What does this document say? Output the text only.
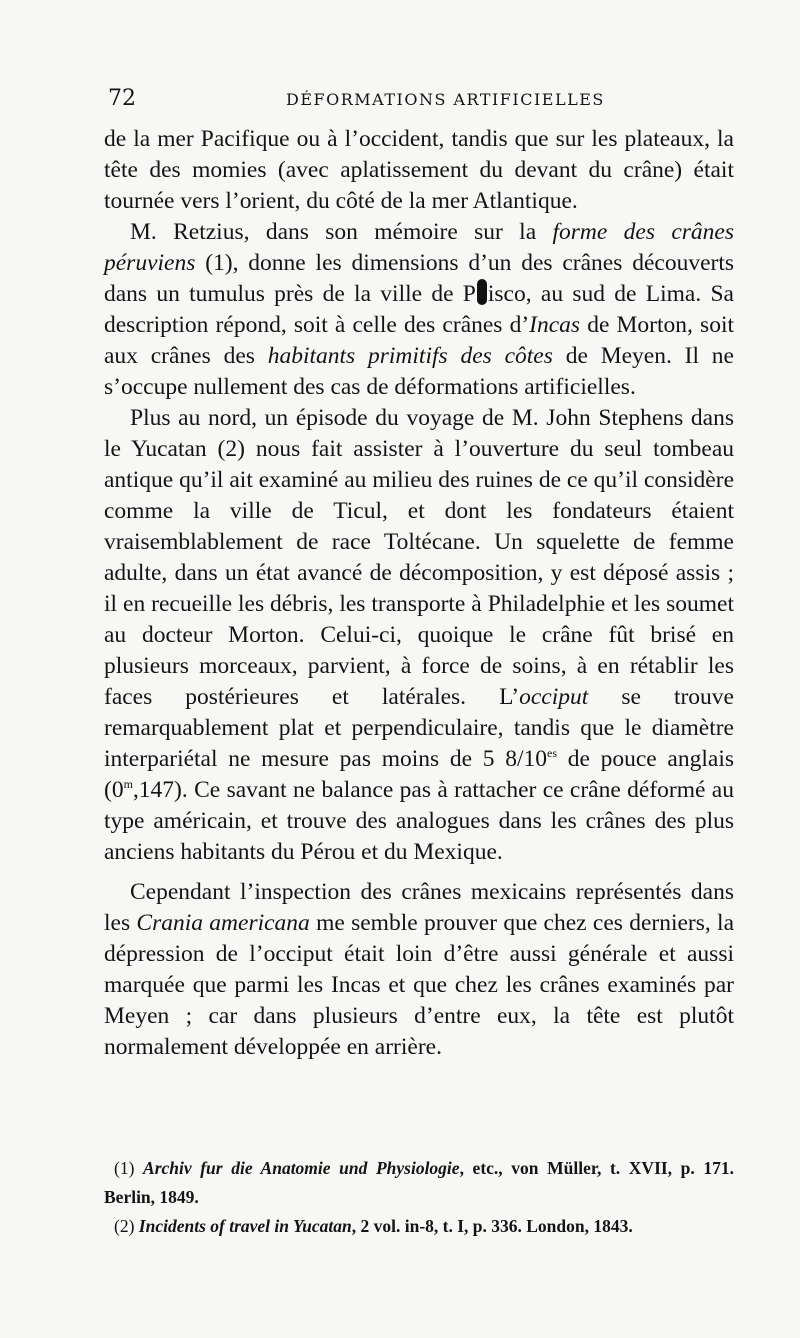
72	DÉFORMATIONS ARTIFICIELLES

de la mer Pacifique ou à l’occident, tandis que sur les plateaux, la tête des momies (avec aplatissement du devant du crâne) était tournée vers l’orient, du côté de la mer Atlantique.

M. Retzius, dans son mémoire sur la forme des crânes péruviens (1), donne les dimensions d’un des crânes découverts dans un tumulus près de la ville de P isco, au sud de Lima. Sa description répond, soit à celle des crânes d’Incas de Morton, soit aux crânes des habitants primitifs des côtes de Meyen. Il ne s’occupe nullement des cas de déformations artificielles.

Plus au nord, un épisode du voyage de M. John Stephens dans le Yucatan (2) nous fait assister à l’ouverture du seul tombeau antique qu’il ait examiné au milieu des ruines de ce qu’il considère comme la ville de Ticul, et dont les fondateurs étaient vraisemblablement de race Toltécane. Un squelette de femme adulte, dans un état avancé de décomposition, y est déposé assis ; il en recueille les débris, les transporte à Philadelphie et les soumet au docteur Morton. Celui-ci, quoique le crâne fût brisé en plusieurs morceaux, parvient, à force de soins, à en rétablir les faces postérieures et latérales. L’occiput se trouve remarquablement plat et perpendiculaire, tandis que le diamètre interpariétal ne mesure pas moins de 5 $8/10^{es}$ de pouce anglais (0$^m$,147). Ce savant ne balance pas à rattacher ce crâne déformé au type américain, et trouve des analogues dans les crânes des plus anciens habitants du Pérou et du Mexique.

Cependant l’inspection des crânes mexicains représentés dans les Crania americana me semble prouver que chez ces derniers, la dépression de l’occiput était loin d’être aussi générale et aussi marquée que parmi les Incas et que chez les crânes examinés par Meyen ; car dans plusieurs d’entre eux, la tête est plutôt normalement développée en arrière.

(1) Archiv fur die Anatomie und Physiologie, etc., von Müller, t. XVII, p. 171. Berlin, 1849.

(2) Incidents of travel in Yucatan, 2 vol. in-8, t. I, p. 336. London, 1843.
